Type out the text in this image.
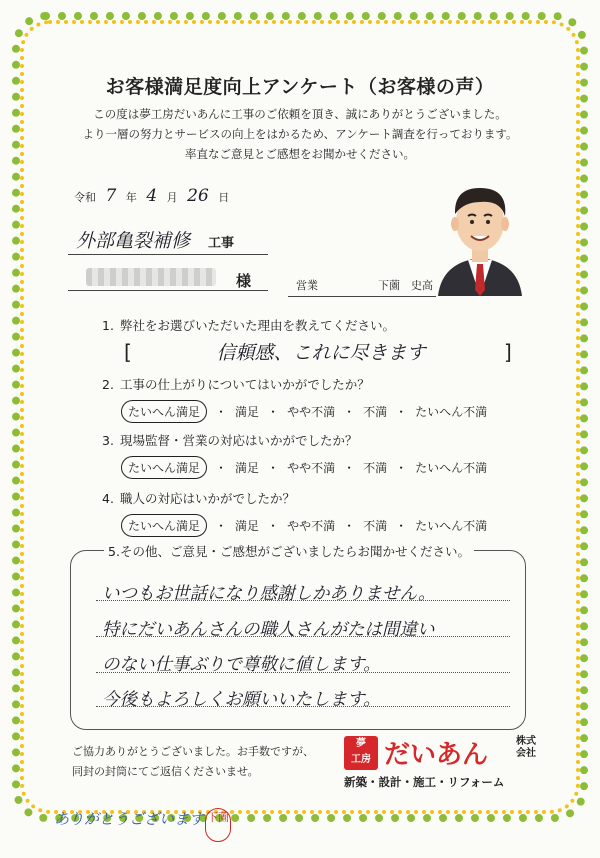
お客様満足度向上アンケート（お客様の声）
この度は夢工房だいあんに工事のご依頼を頂き、誠にありがとうございました。
より一層の努力とサービスの向上をはかるため、アンケート調査を行っております。
率直なご意見とご感想をお聞かせください。
令和 7 年 4 月 26 日
外部亀裂補修 工事
様	営業	下薗　史高
1. 弊社をお選びいただいた理由を教えてください。
[	信頼感、これに尽きます	]
2. 工事の仕上がりについてはいかがでしたか？
たいへん満足 ・ 満足 ・ やや不満 ・ 不満 ・ たいへん不満
3. 現場監督・営業の対応はいかがでしたか？
たいへん満足 ・ 満足 ・ やや不満 ・ 不満 ・ たいへん不満
4. 職人の対応はいかがでしたか？
たいへん満足 ・ 満足 ・ やや不満 ・ 不満 ・ たいへん不満
5.その他、ご意見・ご感想がございましたらお聞かせください。
いつもお世話になり感謝しかありません。
特にだいあんさんの職人さんがたは間違い
のない仕事ぶりで尊敬に値します。
今後もよろしくお願いいたします。
ご協力ありがとうございました。お手数ですが、
同封の封筒にてご返信くださいませ。
夢
工房 だいあん	株式会社
新築・設計・施工・リフォーム
ありがとうございます 下薗
